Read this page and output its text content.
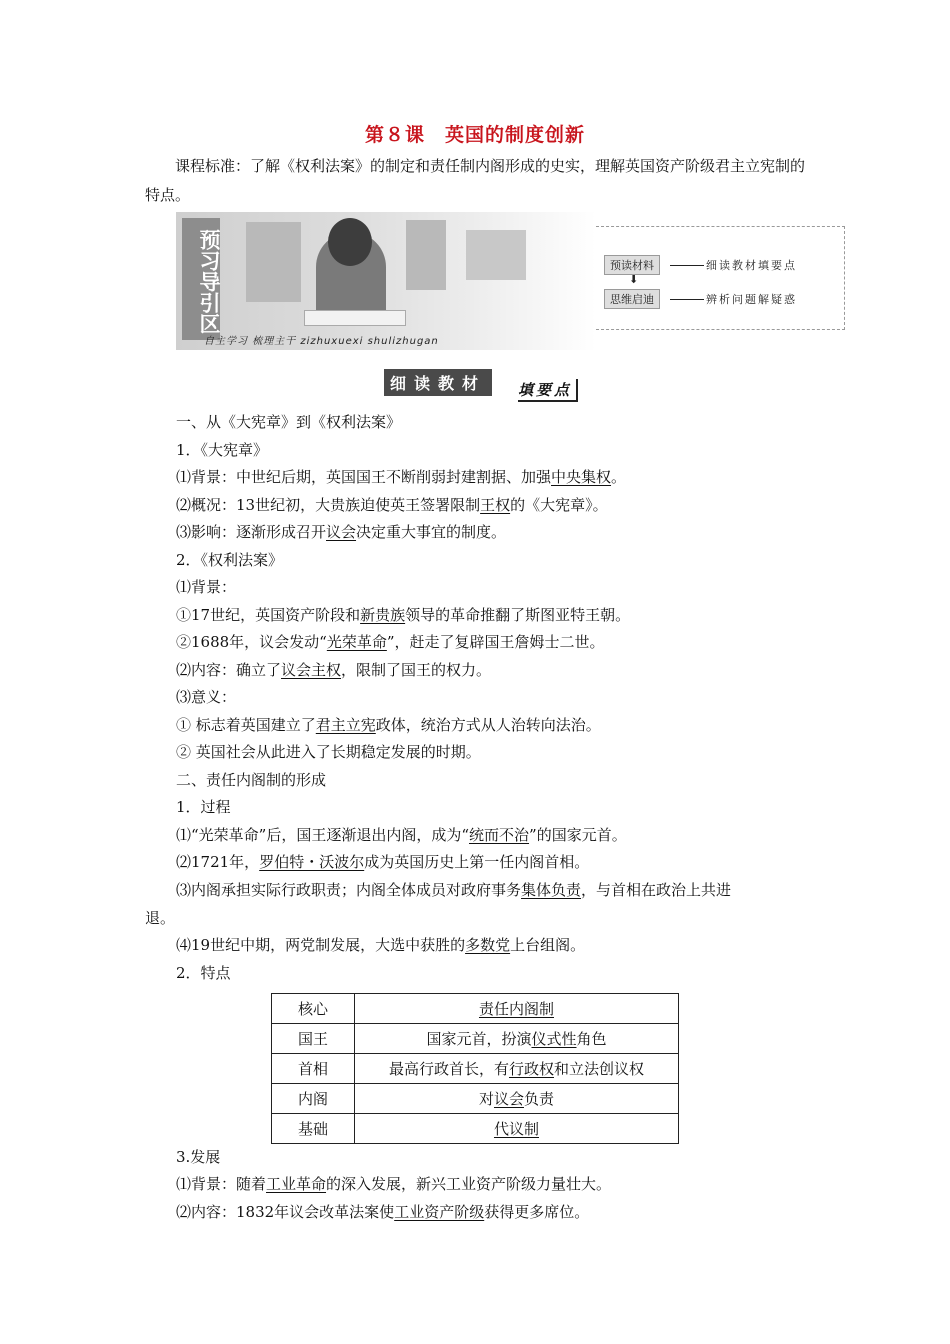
第８课　英国的制度创新
课程标准：了解《权利法案》的制定和责任制内阁形成的史实，理解英国资产阶级君主立宪制的特点。
预习导引区
自主学习 梳理主干 zizhuxuexi shulizhugan
预读材料	细读教材填要点
⬇
思维启迪	辨析问题解疑惑
细读教材 填要点
一、从《大宪章》到《权利法案》
1．《大宪章》
⑴背景：中世纪后期，英国国王不断削弱封建割据、加强中央集权。
⑵概况：13世纪初，大贵族迫使英王签署限制王权的《大宪章》。
⑶影响：逐渐形成召开议会决定重大事宜的制度。
2．《权利法案》
⑴背景：
①17世纪，英国资产阶段和新贵族领导的革命推翻了斯图亚特王朝。
②1688年，议会发动“光荣革命”，赶走了复辟国王詹姆士二世。
⑵内容：确立了议会主权，限制了国王的权力。
⑶意义：
① 标志着英国建立了君主立宪政体，统治方式从人治转向法治。
② 英国社会从此进入了长期稳定发展的时期。
二、责任内阁制的形成
1．过程
⑴“光荣革命”后，国王逐渐退出内阁，成为“统而不治”的国家元首。
⑵1721年，罗伯特・沃波尔成为英国历史上第一任内阁首相。
⑶内阁承担实际行政职责；内阁全体成员对政府事务集体负责，与首相在政治上共进
退。
⑷19世纪中期，两党制发展，大选中获胜的多数党上台组阁。
2．特点
核心	责任内阁制
国王	国家元首，扮演仪式性角色
首相	最高行政首长，有行政权和立法创议权
内阁	对议会负责
基础	代议制
3.发展
⑴背景：随着工业革命的深入发展，新兴工业资产阶级力量壮大。
⑵内容：1832年议会改革法案使工业资产阶级获得更多席位。
